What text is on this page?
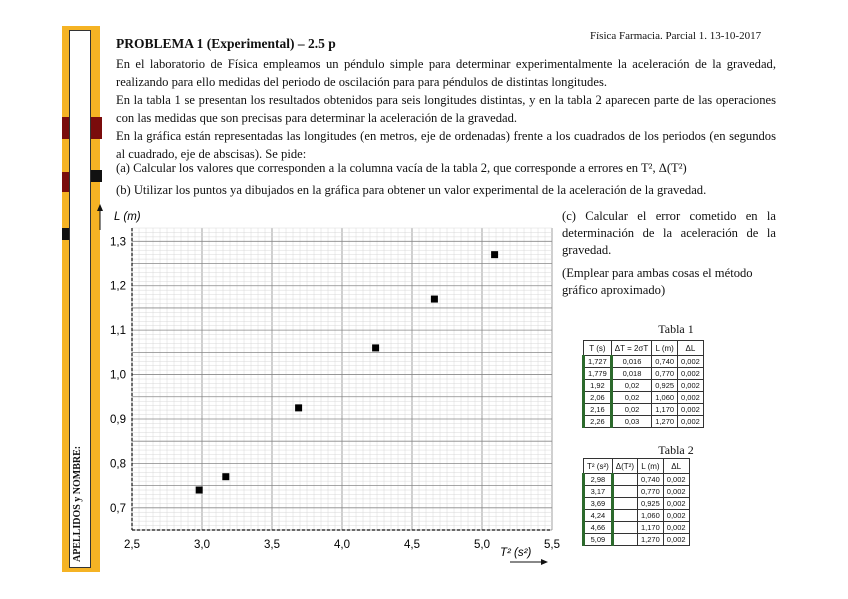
APELLIDOS y NOMBRE:
PROBLEMA 1 (Experimental) – 2.5 p	Física Farmacia. Parcial 1. 13-10-2017

En el laboratorio de Física empleamos un péndulo simple para determinar experimentalmente la aceleración de la gravedad, realizando para ello medidas del periodo de oscilación para para péndulos de distintas longitudes.

En la tabla 1 se presentan los resultados obtenidos para seis longitudes distintas, y en la tabla 2 aparecen parte de las operaciones con las medidas que son precisas para determinar la aceleración de la gravedad.

En la gráfica están representadas las longitudes (en metros, eje de ordenadas) frente a los cuadrados de los periodos (en segundos al cuadrado, eje de abscisas). Se pide:

(a) Calcular los valores que corresponden a la columna vacía de la tabla 2, que corresponde a errores en T², Δ(T²)
(b) Utilizar los puntos ya dibujados en la gráfica para obtener un valor experimental de la aceleración de la gravedad.
(c) Calcular el error cometido en la determinación de la aceleración de la gravedad.
(Emplear para ambas cosas el método gráfico aproximado)
2,5	3,0	3,5	4,0	4,5	5,0	5,5
0,7
0,8
0,9
1,0
1,1
1,2
1,3
L (m)
T² (s²)
Tabla 1
T (s)	ΔT = 2σT	L (m)	ΔL
1,727	0,016	0,740	0,002
1,779	0,018	0,770	0,002
1,92	0,02	0,925	0,002
2,06	0,02	1,060	0,002
2,16	0,02	1,170	0,002
2,26	0,03	1,270	0,002
Tabla 2
T² (s²)	Δ(T²)	L (m)	ΔL
2,98		0,740	0,002
3,17		0,770	0,002
3,69		0,925	0,002
4,24		1,060	0,002
4,66		1,170	0,002
5,09		1,270	0,002
